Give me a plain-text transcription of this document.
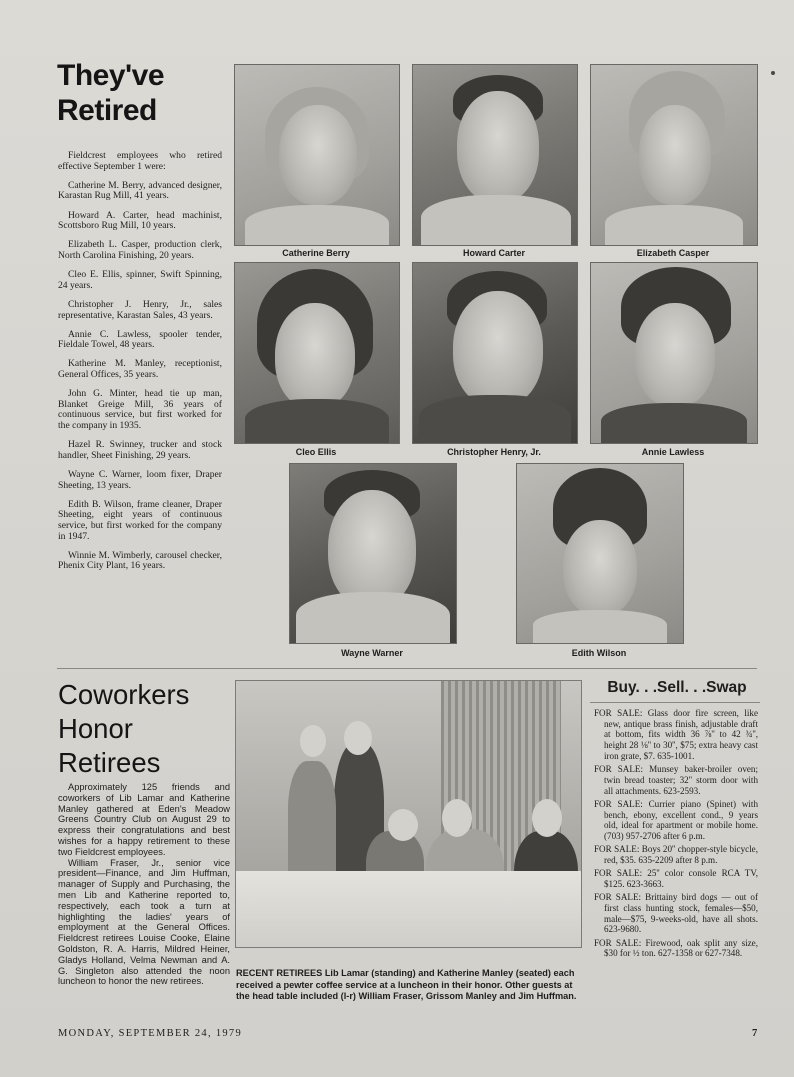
They've
Retired

Fieldcrest employees who retired effective September 1 were:

Catherine M. Berry, advanced designer, Karastan Rug Mill, 41 years.

Howard A. Carter, head machinist, Scottsboro Rug Mill, 10 years.

Elizabeth L. Casper, production clerk, North Carolina Finishing, 20 years.

Cleo E. Ellis, spinner, Swift Spinning, 24 years.

Christopher J. Henry, Jr., sales representative, Karastan Sales, 43 years.

Annie C. Lawless, spooler tender, Fieldale Towel, 48 years.

Katherine M. Manley, receptionist, General Offices, 35 years.

John G. Minter, head tie up man, Blanket Greige Mill, 36 years of continuous service, but first worked for the company in 1935.

Hazel R. Swinney, trucker and stock handler, Sheet Finishing, 29 years.

Wayne C. Warner, loom fixer, Draper Sheeting, 13 years.

Edith B. Wilson, frame cleaner, Draper Sheeting, eight years of continuous service, but first worked for the company in 1947.

Winnie M. Wimberly, carousel checker, Phenix City Plant, 16 years.

Catherine Berry	Howard Carter	Elizabeth Casper
Cleo Ellis	Christopher Henry, Jr.	Annie Lawless
Wayne Warner	Edith Wilson
Coworkers
Honor
Retirees

Approximately 125 friends and coworkers of Lib Lamar and Katherine Manley gathered at Eden's Meadow Greens Country Club on August 29 to express their congratulations and best wishes for a happy retirement to these two Fieldcrest employees.

William Fraser, Jr., senior vice president—Finance, and Jim Huffman, manager of Supply and Purchasing, the men Lib and Katherine reported to, respectively, each took a turn at highlighting the ladies' years of employment at the General Offices. Fieldcrest retirees Louise Cooke, Elaine Goldston, R. A. Harris, Mildred Heiner, Gladys Holland, Velma Newman and A. G. Singleton also attended the noon luncheon to honor the new retirees.

RECENT RETIREES Lib Lamar (standing) and Katherine Manley (seated) each received a pewter coffee service at a luncheon in their honor. Other guests at the head table included (l-r) William Fraser, Grissom Manley and Jim Huffman.
Buy. . .Sell. . .Swap

FOR SALE: Glass door fire screen, like new, antique brass finish, adjustable draft at bottom, fits width 36 ⅞'' to 42 ¾'', height 28 ⅛'' to 30'', $75; extra heavy cast iron grate, $7. 635-1001.

FOR SALE: Munsey baker-broiler oven; twin bread toaster; 32'' storm door with all attachments. 623-2593.

FOR SALE: Currier piano (Spinet) with bench, ebony, excellent cond., 9 years old, ideal for apartment or mobile home. (703) 957-2706 after 6 p.m.

FOR SALE: Boys 20'' chopper-style bicycle, red, $35. 635-2209 after 8 p.m.

FOR SALE: 25'' color console RCA TV, $125. 623-3663.

FOR SALE: Brittainy bird dogs — out of first class hunting stock, females—$50, male—$75, 9-weeks-old, have all shots. 623-9680.

FOR SALE: Firewood, oak split any size, $30 for ½ ton. 627-1358 or 627-7348.

MONDAY, SEPTEMBER 24, 1979	7
